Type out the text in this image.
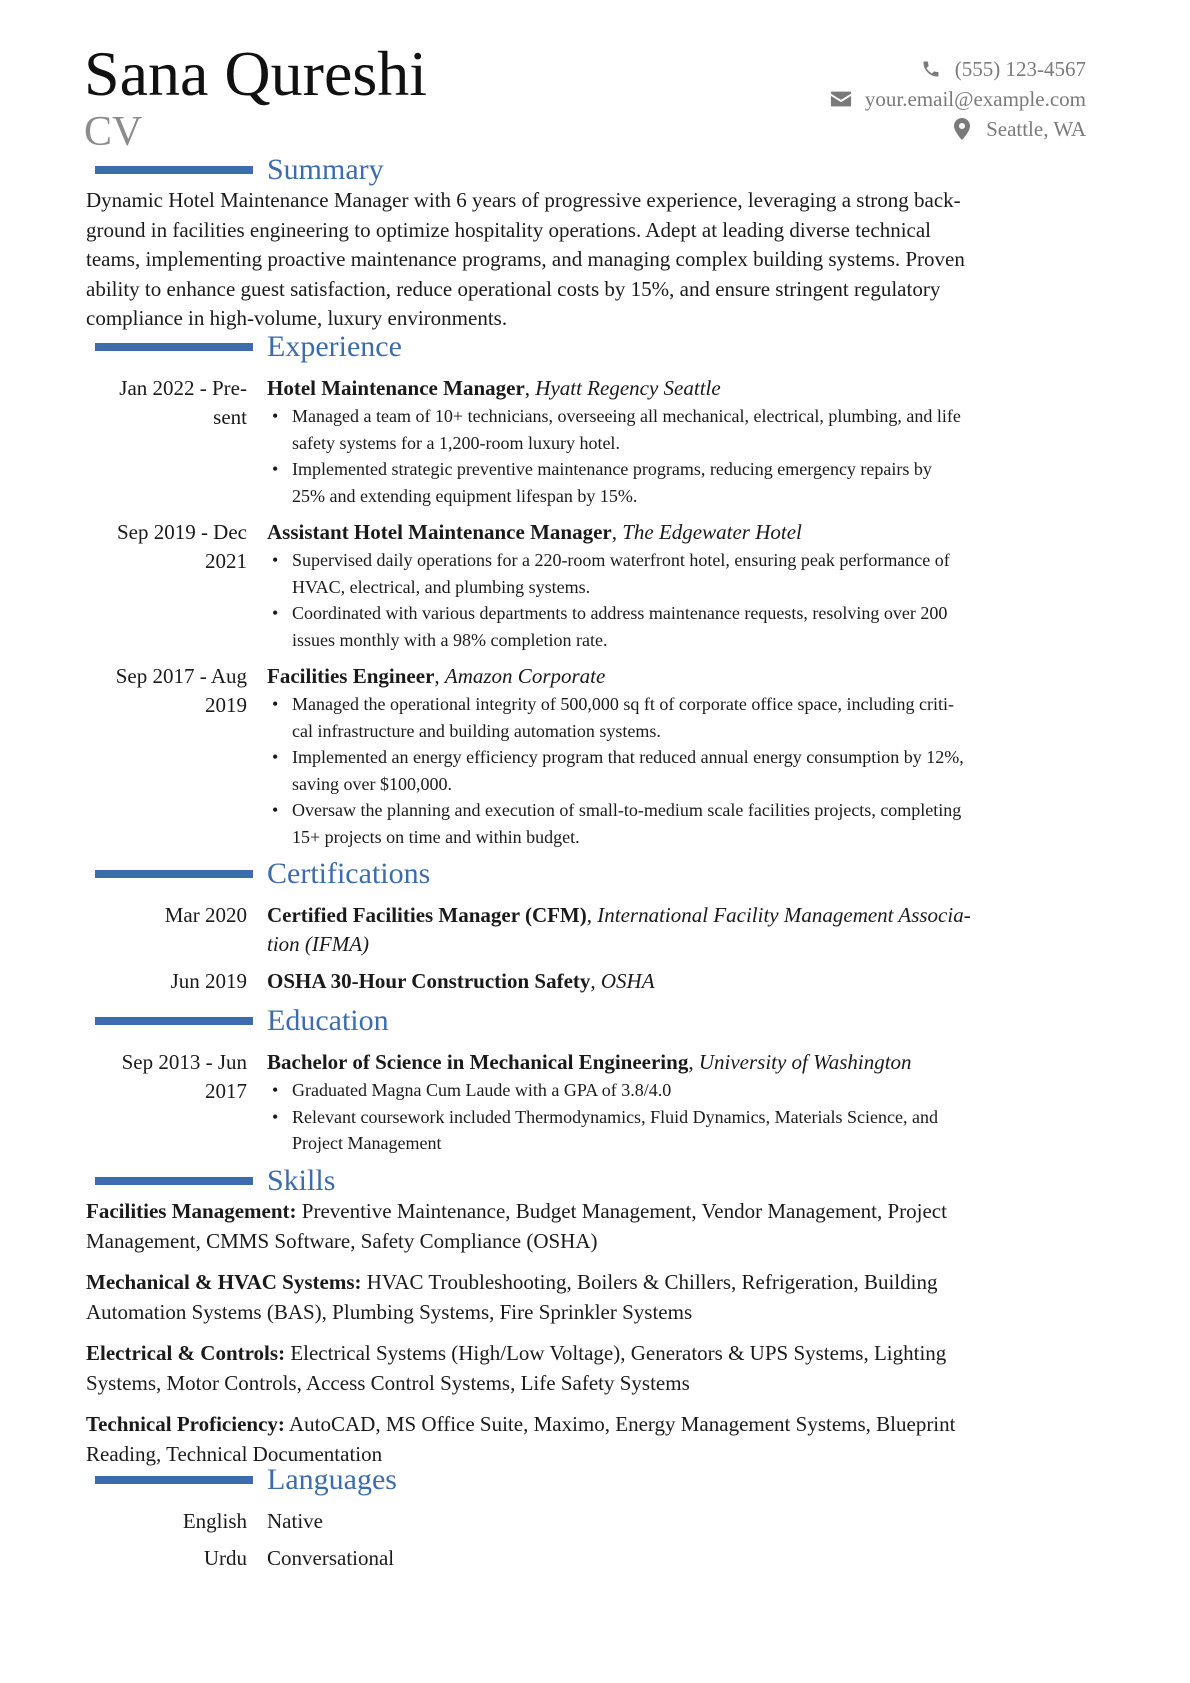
Sana Qureshi
CV
(555) 123-4567
your.email@example.com
Seattle, WA
Summary
Dynamic Hotel Maintenance Manager with 6 years of progressive experience, leveraging a strong back-
ground in facilities engineering to optimize hospitality operations. Adept at leading diverse technical
teams, implementing proactive maintenance programs, and managing complex building systems. Proven
ability to enhance guest satisfaction, reduce operational costs by 15%, and ensure stringent regulatory
compliance in high-volume, luxury environments.
Experience
Jan 2022 - Pre-
sent
Hotel Maintenance Manager, Hyatt Regency Seattle
• Managed a team of 10+ technicians, overseeing all mechanical, electrical, plumbing, and life
safety systems for a 1,200-room luxury hotel.
• Implemented strategic preventive maintenance programs, reducing emergency repairs by
25% and extending equipment lifespan by 15%.
Sep 2019 - Dec
2021
Assistant Hotel Maintenance Manager, The Edgewater Hotel
• Supervised daily operations for a 220-room waterfront hotel, ensuring peak performance of
HVAC, electrical, and plumbing systems.
• Coordinated with various departments to address maintenance requests, resolving over 200
issues monthly with a 98% completion rate.
Sep 2017 - Aug
2019
Facilities Engineer, Amazon Corporate
• Managed the operational integrity of 500,000 sq ft of corporate office space, including criti-
cal infrastructure and building automation systems.
• Implemented an energy efficiency program that reduced annual energy consumption by 12%,
saving over $100,000.
• Oversaw the planning and execution of small-to-medium scale facilities projects, completing
15+ projects on time and within budget.
Certifications
Mar 2020 Certified Facilities Manager (CFM), International Facility Management Associa-
tion (IFMA)
Jun 2019 OSHA 30-Hour Construction Safety, OSHA
Education
Sep 2013 - Jun
2017
Bachelor of Science in Mechanical Engineering, University of Washington
• Graduated Magna Cum Laude with a GPA of 3.8/4.0
• Relevant coursework included Thermodynamics, Fluid Dynamics, Materials Science, and
Project Management
Skills
Facilities Management: Preventive Maintenance, Budget Management, Vendor Management, Project
Management, CMMS Software, Safety Compliance (OSHA)
Mechanical & HVAC Systems: HVAC Troubleshooting, Boilers & Chillers, Refrigeration, Building
Automation Systems (BAS), Plumbing Systems, Fire Sprinkler Systems
Electrical & Controls: Electrical Systems (High/Low Voltage), Generators & UPS Systems, Lighting
Systems, Motor Controls, Access Control Systems, Life Safety Systems
Technical Proficiency: AutoCAD, MS Office Suite, Maximo, Energy Management Systems, Blueprint
Reading, Technical Documentation
Languages
English Native
Urdu Conversational
